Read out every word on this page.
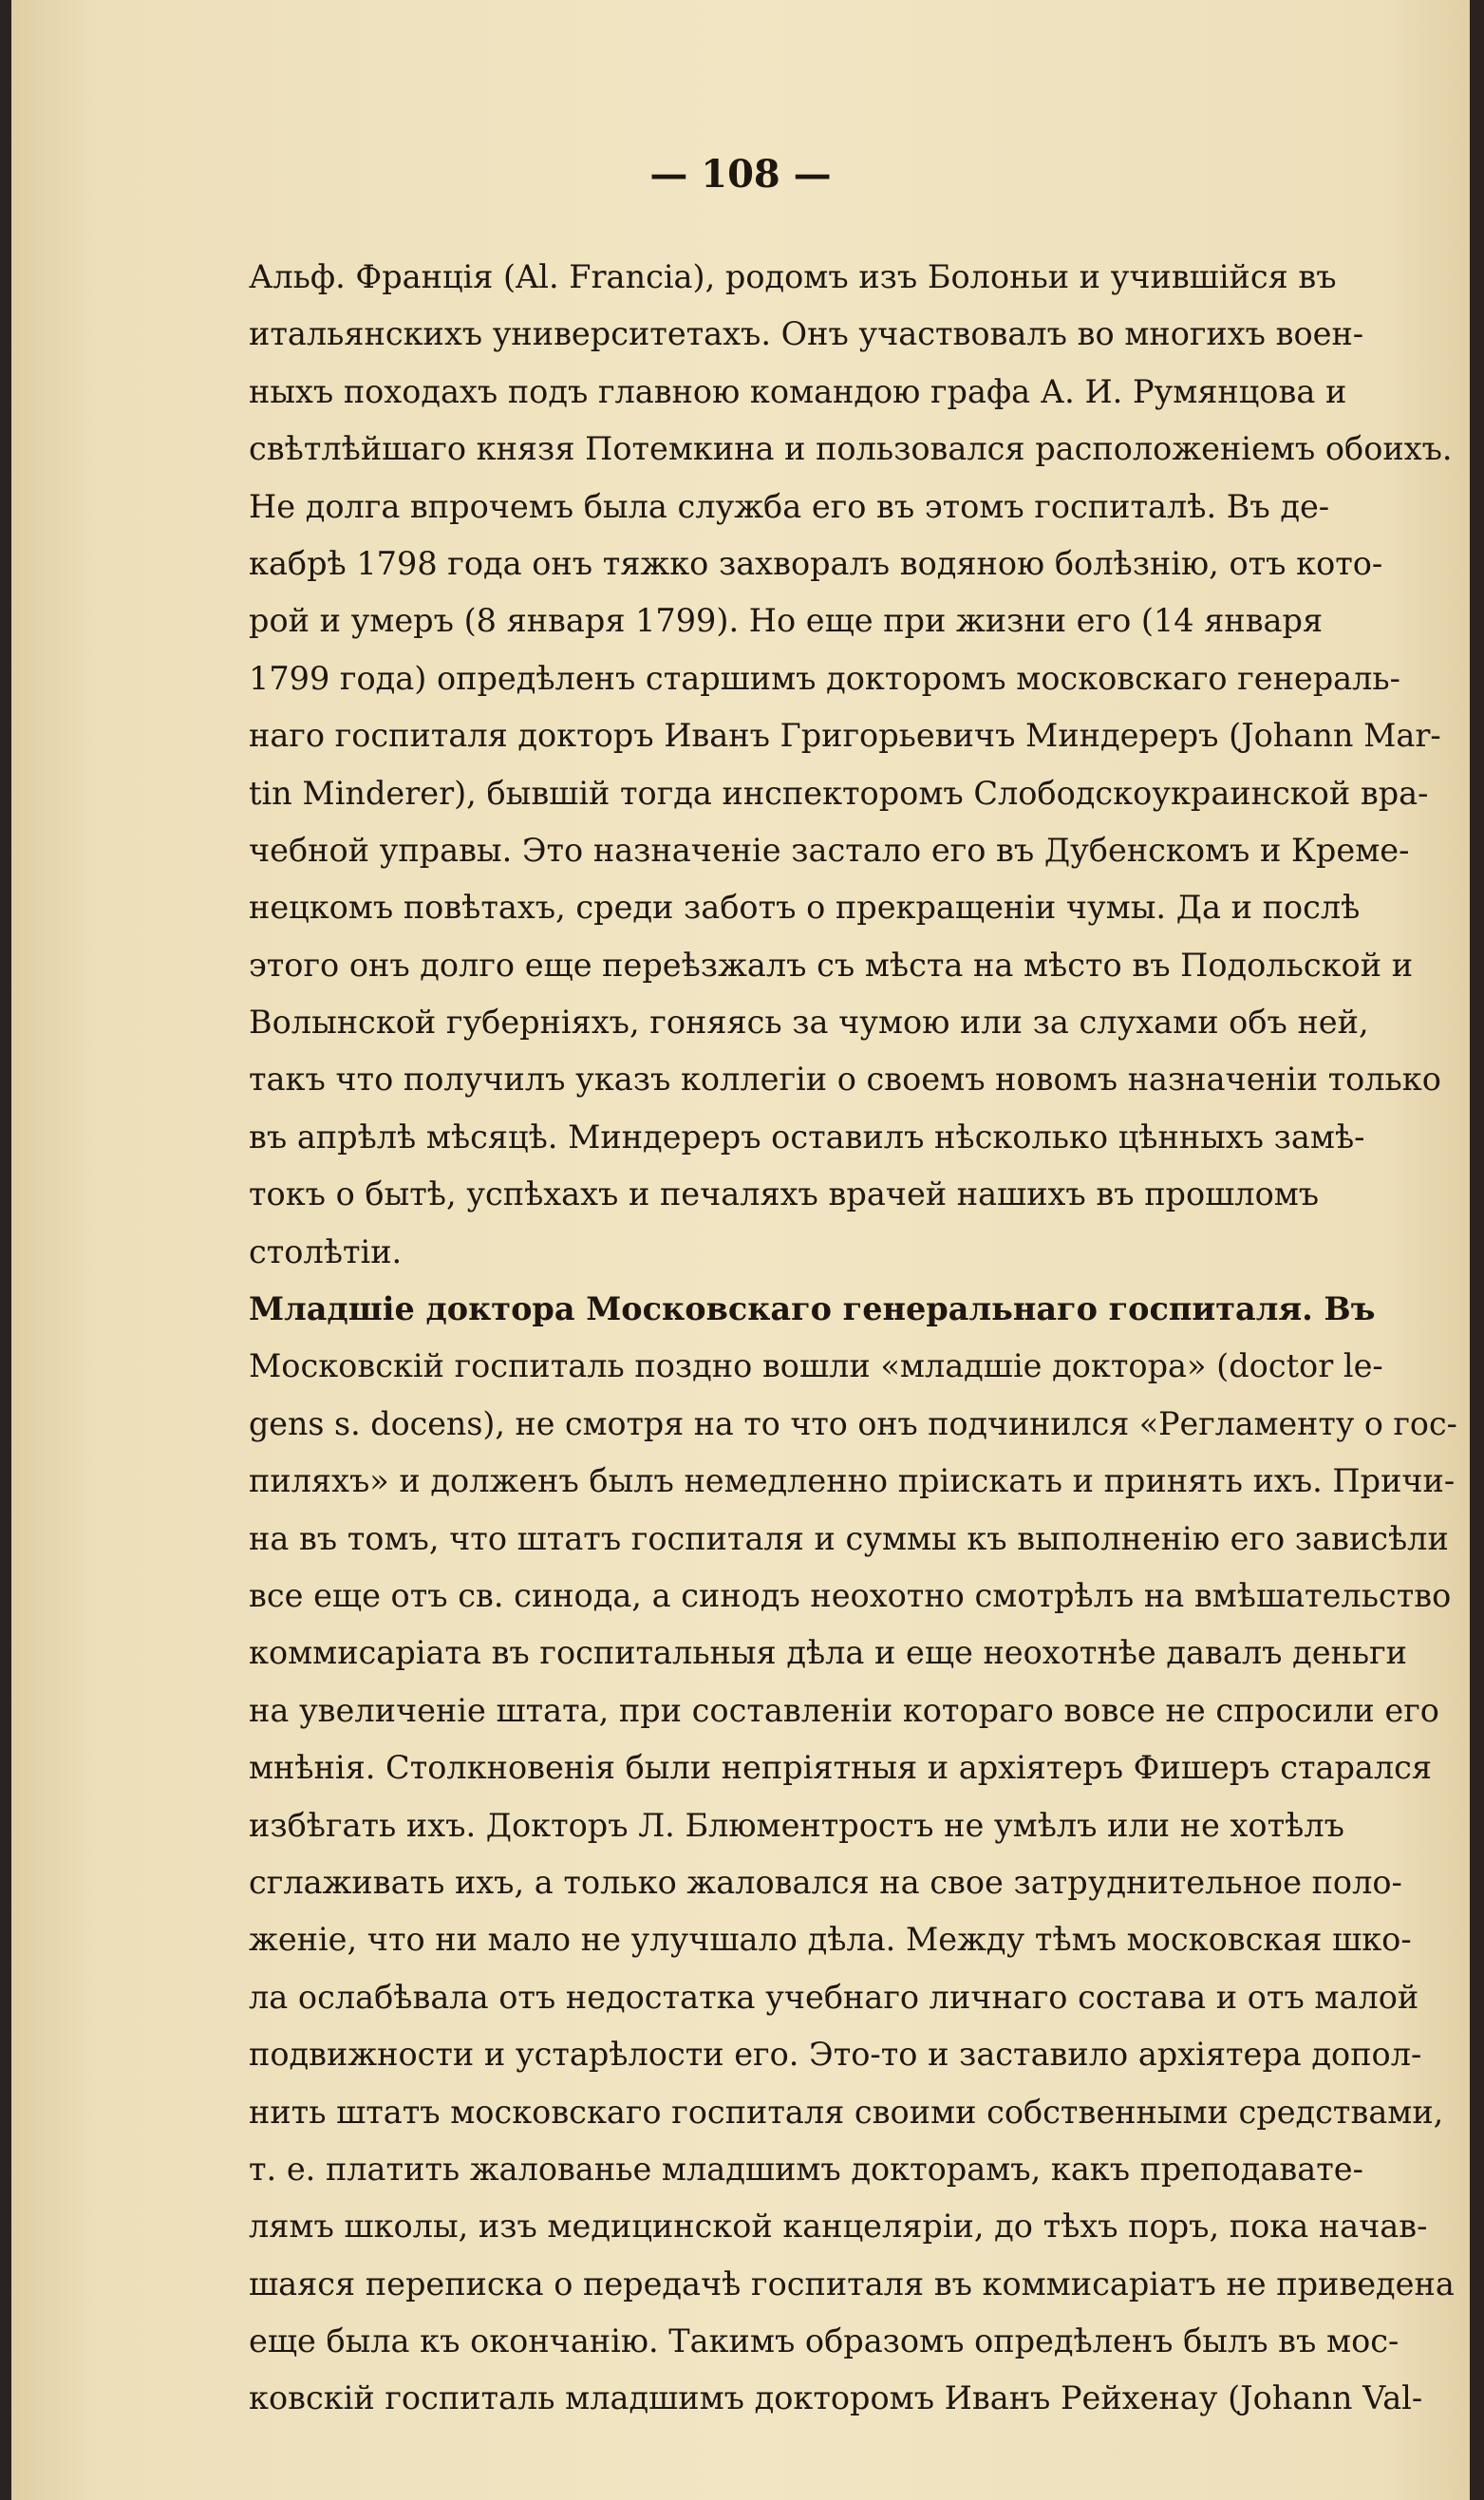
— 108 —
Альф. Францiя (Al. Francia), родомъ изъ Болоньи и учившiйся въ
итальянскихъ университетахъ. Онъ участвовалъ во многихъ воен-
ныхъ походахъ подъ главною командою графа А. И. Румянцова и
свѣтлѣйшаго князя Потемкина и пользовался расположенiемъ обоихъ.
Не долга впрочемъ была служба его въ этомъ госпиталѣ. Въ де-
кабрѣ 1798 года онъ тяжко захворалъ водяною болѣзнiю, отъ кото-
рой и умеръ (8 января 1799). Но еще при жизни его (14 января
1799 года) опредѣленъ старшимъ докторомъ московскаго генераль-
наго госпиталя докторъ Иванъ Григорьевичъ Миндереръ (Johann Mar-
tin Minderer), бывшiй тогда инспекторомъ Слободскоукраинской вра-
чебной управы. Это назначенiе застало его въ Дубенскомъ и Креме-
нецкомъ повѣтахъ, среди заботъ о прекращенiи чумы. Да и послѣ
этого онъ долго еще переѣзжалъ съ мѣста на мѣсто въ Подольской и
Волынской губернiяхъ, гоняясь за чумою или за слухами объ ней,
такъ что получилъ указъ коллегiи о своемъ новомъ назначенiи только
въ апрѣлѣ мѣсяцѣ. Миндереръ оставилъ нѣсколько цѣнныхъ замѣ-
токъ о бытѣ, успѣхахъ и печаляхъ врачей нашихъ въ прошломъ
столѣтiи.
Младшiе доктора Московскаго генеральнаго госпиталя. Въ
Московскiй госпиталь поздно вошли «младшiе доктора» (doctor le-
gens s. docens), не смотря на то что онъ подчинился «Регламенту о гос-
пиляхъ» и долженъ былъ немедленно прiискать и принять ихъ. Причи-
на въ томъ, что штатъ госпиталя и суммы къ выполненiю его зависѣли
все еще отъ св. синода, а синодъ неохотно смотрѣлъ на вмѣшательство
коммисарiата въ госпитальныя дѣла и еще неохотнѣе давалъ деньги
на увеличенiе штата, при составленiи котораго вовсе не спросили его
мнѣнiя. Столкновенiя были непрiятныя и архiятеръ Фишеръ старался
избѣгать ихъ. Докторъ Л. Блюментростъ не умѣлъ или не хотѣлъ
сглаживать ихъ, а только жаловался на свое затруднительное поло-
женiе, что ни мало не улучшало дѣла. Между тѣмъ московская шко-
ла ослабѣвала отъ недостатка учебнаго личнаго состава и отъ малой
подвижности и устарѣлости его. Это-то и заставило архiятера допол-
нить штатъ московскаго госпиталя своими собственными средствами,
т. е. платить жалованье младшимъ докторамъ, какъ преподавате-
лямъ школы, изъ медицинской канцелярiи, до тѣхъ поръ, пока начав-
шаяся переписка о передачѣ госпиталя въ коммисарiатъ не приведена
еще была къ окончанiю. Такимъ образомъ опредѣленъ былъ въ мос-
ковскiй госпиталь младшимъ докторомъ Иванъ Рейхенау (Johann Val-
